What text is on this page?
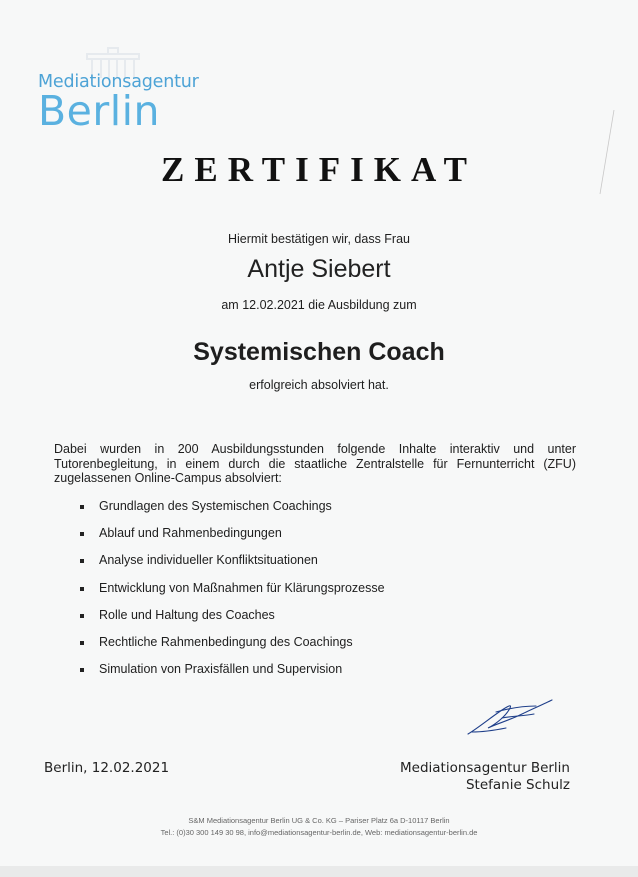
Mediationsagentur
Berlin
ZERTIFIKAT
Hiermit bestätigen wir, dass Frau
Antje Siebert
am 12.02.2021 die Ausbildung zum
Systemischen Coach
erfolgreich absolviert hat.
Dabei wurden in 200 Ausbildungsstunden folgende Inhalte interaktiv und unter Tutorenbegleitung, in einem durch die staatliche Zentralstelle für Fernunterricht (ZFU) zugelassenen Online-Campus absolviert:
Grundlagen des Systemischen Coachings
Ablauf und Rahmenbedingungen
Analyse individueller Konfliktsituationen
Entwicklung von Maßnahmen für Klärungsprozesse
Rolle und Haltung des Coaches
Rechtliche Rahmenbedingung des Coachings
Simulation von Praxisfällen und Supervision
Berlin, 12.02.2021	Mediationsagentur Berlin
Stefanie Schulz
S&M Mediationsagentur Berlin UG & Co. KG – Pariser Platz 6a D-10117 Berlin
Tel.: (0)30 300 149 30 98, info@mediationsagentur-berlin.de, Web: mediationsagentur-berlin.de
